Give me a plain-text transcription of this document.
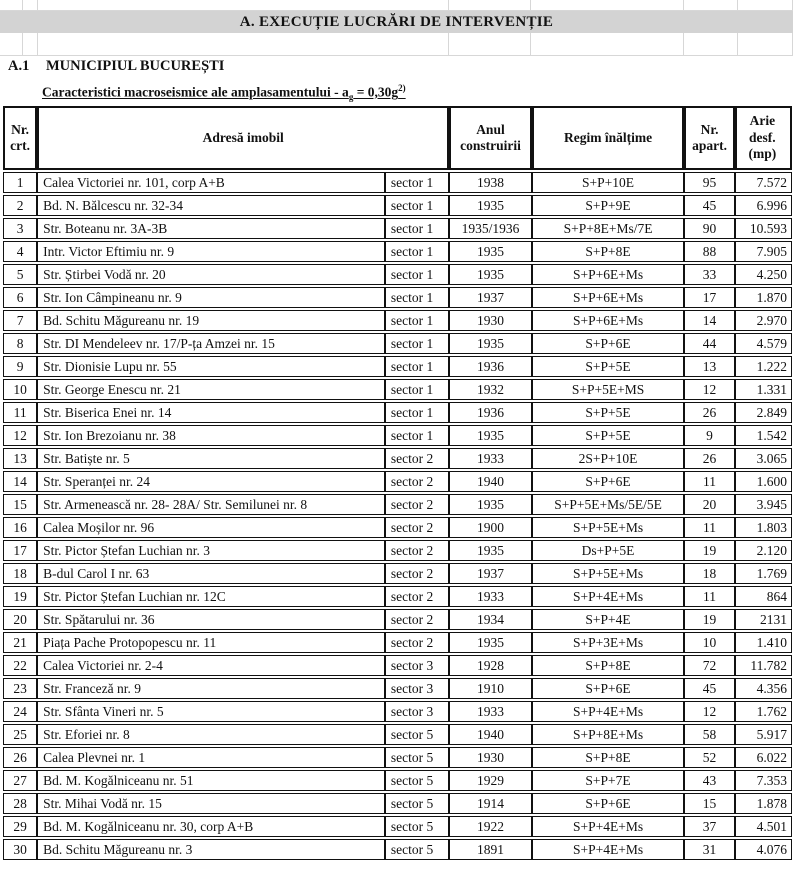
A. EXECUȚIE LUCRĂRI DE INTERVENȚIE
A.1 MUNICIPIUL BUCUREȘTI
Caracteristici macroseismice ale amplasamentului - $a_g = 0,30g^{2)}$
Nr. crt.	Adresă imobil		Anul construirii	Regim înălțime	Nr. apart.	Arie desf. (mp)
1	Calea Victoriei nr. 101, corp A+B	sector 1	1938	S+P+10E	95	7.572
2	Bd. N. Bălcescu nr. 32-34	sector 1	1935	S+P+9E	45	6.996
3	Str. Boteanu nr. 3A-3B	sector 1	1935/1936	S+P+8E+Ms/7E	90	10.593
4	Intr. Victor Eftimiu nr. 9	sector 1	1935	S+P+8E	88	7.905
5	Str. Știrbei Vodă nr. 20	sector 1	1935	S+P+6E+Ms	33	4.250
6	Str. Ion Câmpineanu nr. 9	sector 1	1937	S+P+6E+Ms	17	1.870
7	Bd. Schitu Măgureanu nr. 19	sector 1	1930	S+P+6E+Ms	14	2.970
8	Str. DI Mendeleev nr. 17/P-ța Amzei nr. 15	sector 1	1935	S+P+6E	44	4.579
9	Str. Dionisie Lupu nr. 55	sector 1	1936	S+P+5E	13	1.222
10	Str. George Enescu nr. 21	sector 1	1932	S+P+5E+MS	12	1.331
11	Str. Biserica Enei nr. 14	sector 1	1936	S+P+5E	26	2.849
12	Str. Ion Brezoianu nr. 38	sector 1	1935	S+P+5E	9	1.542
13	Str. Batiște nr. 5	sector 2	1933	2S+P+10E	26	3.065
14	Str. Speranței nr. 24	sector 2	1940	S+P+6E	11	1.600
15	Str. Armenească nr. 28- 28A/ Str. Semilunei nr. 8	sector 2	1935	S+P+5E+Ms/5E/5E	20	3.945
16	Calea Moșilor nr. 96	sector 2	1900	S+P+5E+Ms	11	1.803
17	Str. Pictor Ștefan Luchian nr. 3	sector 2	1935	Ds+P+5E	19	2.120
18	B-dul Carol I nr. 63	sector 2	1937	S+P+5E+Ms	18	1.769
19	Str. Pictor Ștefan Luchian nr. 12C	sector 2	1933	S+P+4E+Ms	11	864
20	Str. Spătarului nr. 36	sector 2	1934	S+P+4E	19	2131
21	Piața Pache Protopopescu nr. 11	sector 2	1935	S+P+3E+Ms	10	1.410
22	Calea Victoriei nr. 2-4	sector 3	1928	S+P+8E	72	11.782
23	Str. Franceză nr. 9	sector 3	1910	S+P+6E	45	4.356
24	Str. Sfânta Vineri nr. 5	sector 3	1933	S+P+4E+Ms	12	1.762
25	Str. Eforiei nr. 8	sector 5	1940	S+P+8E+Ms	58	5.917
26	Calea Plevnei nr. 1	sector 5	1930	S+P+8E	52	6.022
27	Bd. M. Kogălniceanu nr. 51	sector 5	1929	S+P+7E	43	7.353
28	Str. Mihai Vodă nr. 15	sector 5	1914	S+P+6E	15	1.878
29	Bd. M. Kogălniceanu nr. 30, corp A+B	sector 5	1922	S+P+4E+Ms	37	4.501
30	Bd. Schitu Măgureanu nr. 3	sector 5	1891	S+P+4E+Ms	31	4.076
